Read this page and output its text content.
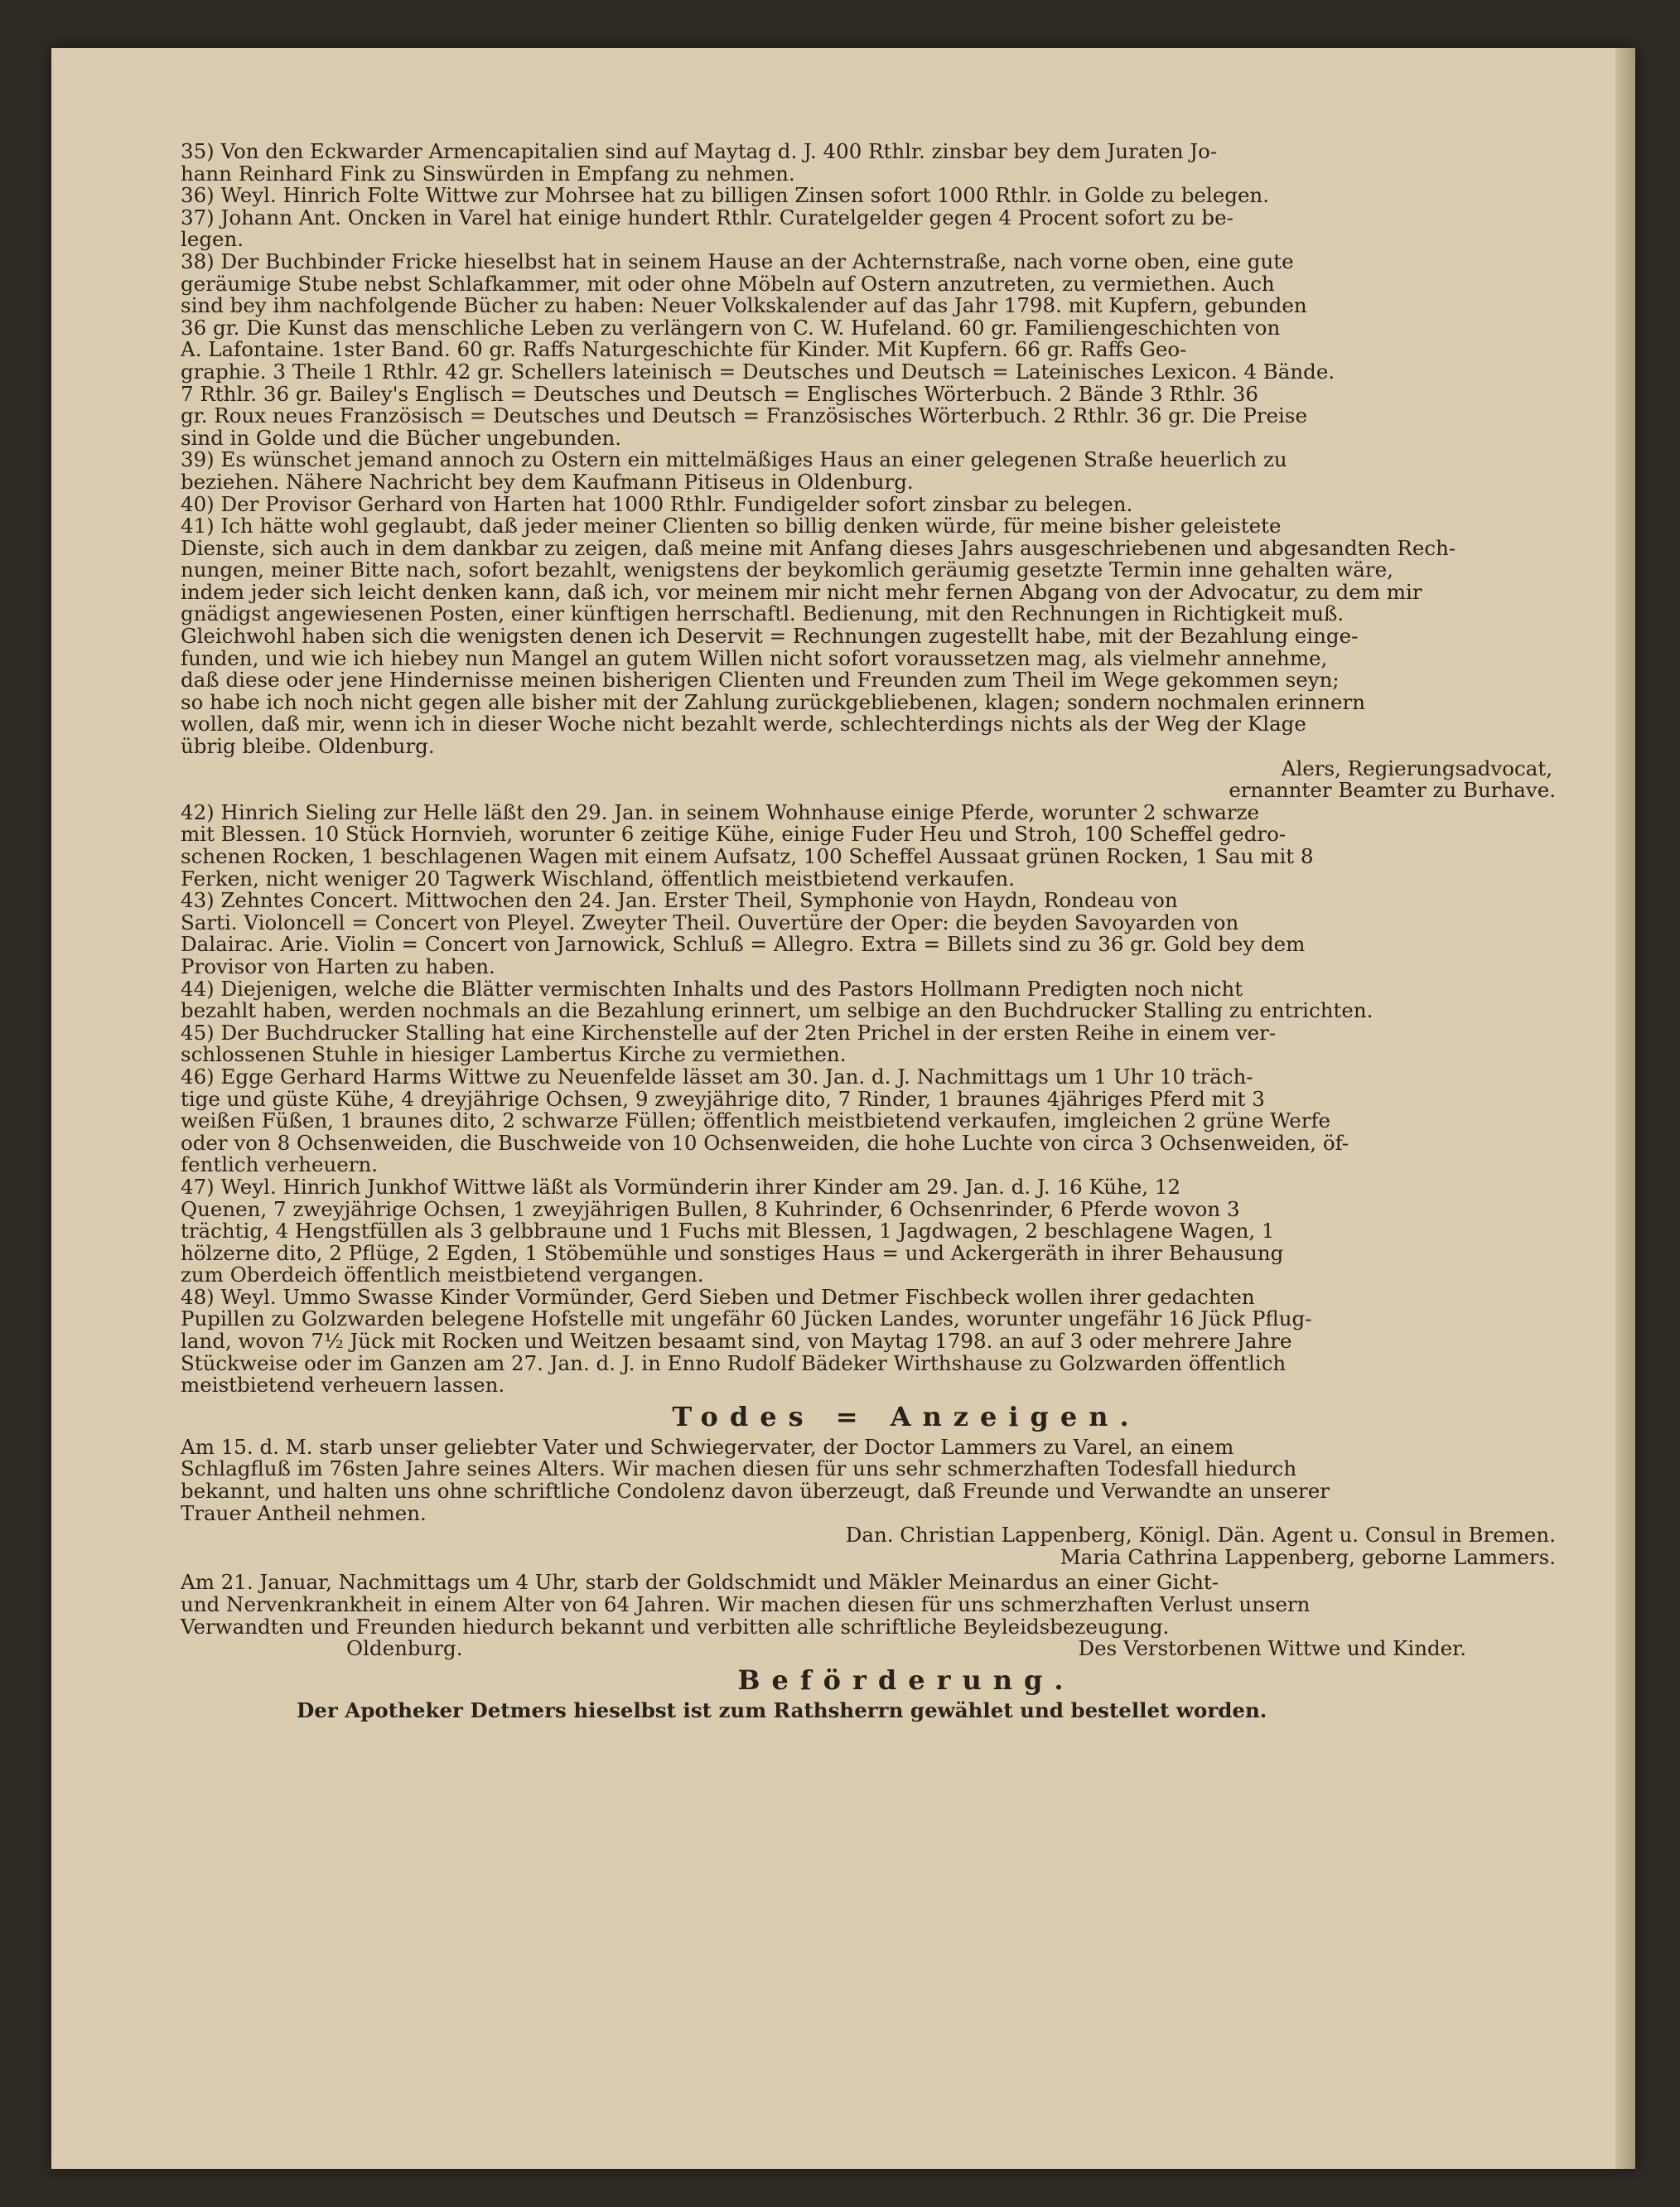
35) Von den Eckwarder Armencapitalien sind auf Maytag d. J. 400 Rthlr. zinsbar bey dem Juraten Jo-
hann Reinhard Fink zu Sinswürden in Empfang zu nehmen.
36) Weyl. Hinrich Folte Wittwe zur Mohrsee hat zu billigen Zinsen sofort 1000 Rthlr. in Golde zu belegen.
37) Johann Ant. Oncken in Varel hat einige hundert Rthlr. Curatelgelder gegen 4 Procent sofort zu be-
legen.
38) Der Buchbinder Fricke hieselbst hat in seinem Hause an der Achternstraße, nach vorne oben, eine gute
geräumige Stube nebst Schlafkammer, mit oder ohne Möbeln auf Ostern anzutreten, zu vermiethen. Auch
sind bey ihm nachfolgende Bücher zu haben: Neuer Volkskalender auf das Jahr 1798. mit Kupfern, gebunden
36 gr. Die Kunst das menschliche Leben zu verlängern von C. W. Hufeland. 60 gr. Familiengeschichten von
A. Lafontaine. 1ster Band. 60 gr. Raffs Naturgeschichte für Kinder. Mit Kupfern. 66 gr. Raffs Geo-
graphie. 3 Theile 1 Rthlr. 42 gr. Schellers lateinisch = Deutsches und Deutsch = Lateinisches Lexicon. 4 Bände.
7 Rthlr. 36 gr. Bailey's Englisch = Deutsches und Deutsch = Englisches Wörterbuch. 2 Bände 3 Rthlr. 36
gr. Roux neues Französisch = Deutsches und Deutsch = Französisches Wörterbuch. 2 Rthlr. 36 gr. Die Preise
sind in Golde und die Bücher ungebunden.
39) Es wünschet jemand annoch zu Ostern ein mittelmäßiges Haus an einer gelegenen Straße heuerlich zu
beziehen. Nähere Nachricht bey dem Kaufmann Pitiseus in Oldenburg.
40) Der Provisor Gerhard von Harten hat 1000 Rthlr. Fundigelder sofort zinsbar zu belegen.
41) Ich hätte wohl geglaubt, daß jeder meiner Clienten so billig denken würde, für meine bisher geleistete
Dienste, sich auch in dem dankbar zu zeigen, daß meine mit Anfang dieses Jahrs ausgeschriebenen und abgesandten Rech-
nungen, meiner Bitte nach, sofort bezahlt, wenigstens der beykomlich geräumig gesetzte Termin inne gehalten wäre,
indem jeder sich leicht denken kann, daß ich, vor meinem mir nicht mehr fernen Abgang von der Advocatur, zu dem mir
gnädigst angewiesenen Posten, einer künftigen herrschaftl. Bedienung, mit den Rechnungen in Richtigkeit muß.
Gleichwohl haben sich die wenigsten denen ich Deservit = Rechnungen zugestellt habe, mit der Bezahlung einge-
funden, und wie ich hiebey nun Mangel an gutem Willen nicht sofort voraussetzen mag, als vielmehr annehme,
daß diese oder jene Hindernisse meinen bisherigen Clienten und Freunden zum Theil im Wege gekommen seyn;
so habe ich noch nicht gegen alle bisher mit der Zahlung zurückgebliebenen, klagen; sondern nochmalen erinnern
wollen, daß mir, wenn ich in dieser Woche nicht bezahlt werde, schlechterdings nichts als der Weg der Klage
übrig bleibe. Oldenburg.
Alers, Regierungsadvocat,
ernannter Beamter zu Burhave.
42) Hinrich Sieling zur Helle läßt den 29. Jan. in seinem Wohnhause einige Pferde, worunter 2 schwarze
mit Blessen. 10 Stück Hornvieh, worunter 6 zeitige Kühe, einige Fuder Heu und Stroh, 100 Scheffel gedro-
schenen Rocken, 1 beschlagenen Wagen mit einem Aufsatz, 100 Scheffel Aussaat grünen Rocken, 1 Sau mit 8
Ferken, nicht weniger 20 Tagwerk Wischland, öffentlich meistbietend verkaufen.
43) Zehntes Concert. Mittwochen den 24. Jan. Erster Theil, Symphonie von Haydn, Rondeau von
Sarti. Violoncell = Concert von Pleyel. Zweyter Theil. Ouvertüre der Oper: die beyden Savoyarden von
Dalairac. Arie. Violin = Concert von Jarnowick, Schluß = Allegro. Extra = Billets sind zu 36 gr. Gold bey dem
Provisor von Harten zu haben.
44) Diejenigen, welche die Blätter vermischten Inhalts und des Pastors Hollmann Predigten noch nicht
bezahlt haben, werden nochmals an die Bezahlung erinnert, um selbige an den Buchdrucker Stalling zu entrichten.
45) Der Buchdrucker Stalling hat eine Kirchenstelle auf der 2ten Prichel in der ersten Reihe in einem ver-
schlossenen Stuhle in hiesiger Lambertus Kirche zu vermiethen.
46) Egge Gerhard Harms Wittwe zu Neuenfelde lässet am 30. Jan. d. J. Nachmittags um 1 Uhr 10 träch-
tige und güste Kühe, 4 dreyjährige Ochsen, 9 zweyjährige dito, 7 Rinder, 1 braunes 4jähriges Pferd mit 3
weißen Füßen, 1 braunes dito, 2 schwarze Füllen; öffentlich meistbietend verkaufen, imgleichen 2 grüne Werfe
oder von 8 Ochsenweiden, die Buschweide von 10 Ochsenweiden, die hohe Luchte von circa 3 Ochsenweiden, öf-
fentlich verheuern.
47) Weyl. Hinrich Junkhof Wittwe läßt als Vormünderin ihrer Kinder am 29. Jan. d. J. 16 Kühe, 12
Quenen, 7 zweyjährige Ochsen, 1 zweyjährigen Bullen, 8 Kuhrinder, 6 Ochsenrinder, 6 Pferde wovon 3
trächtig, 4 Hengstfüllen als 3 gelbbraune und 1 Fuchs mit Blessen, 1 Jagdwagen, 2 beschlagene Wagen, 1
hölzerne dito, 2 Pflüge, 2 Egden, 1 Stöbemühle und sonstiges Haus = und Ackergeräth in ihrer Behausung
zum Oberdeich öffentlich meistbietend vergangen.
48) Weyl. Ummo Swasse Kinder Vormünder, Gerd Sieben und Detmer Fischbeck wollen ihrer gedachten
Pupillen zu Golzwarden belegene Hofstelle mit ungefähr 60 Jücken Landes, worunter ungefähr 16 Jück Pflug-
land, wovon 7½ Jück mit Rocken und Weitzen besaamt sind, von Maytag 1798. an auf 3 oder mehrere Jahre
Stückweise oder im Ganzen am 27. Jan. d. J. in Enno Rudolf Bädeker Wirthshause zu Golzwarden öffentlich
meistbietend verheuern lassen.
Todes = Anzeigen.
Am 15. d. M. starb unser geliebter Vater und Schwiegervater, der Doctor Lammers zu Varel, an einem
Schlagfluß im 76sten Jahre seines Alters. Wir machen diesen für uns sehr schmerzhaften Todesfall hiedurch
bekannt, und halten uns ohne schriftliche Condolenz davon überzeugt, daß Freunde und Verwandte an unserer
Trauer Antheil nehmen.
Dan. Christian Lappenberg, Königl. Dän. Agent u. Consul in Bremen.
Maria Cathrina Lappenberg, geborne Lammers.
Am 21. Januar, Nachmittags um 4 Uhr, starb der Goldschmidt und Mäkler Meinardus an einer Gicht-
und Nervenkrankheit in einem Alter von 64 Jahren. Wir machen diesen für uns schmerzhaften Verlust unsern
Verwandten und Freunden hiedurch bekannt und verbitten alle schriftliche Beyleidsbezeugung.
Oldenburg.	Des Verstorbenen Wittwe und Kinder.
Beförderung.
Der Apotheker Detmers hieselbst ist zum Rathsherrn gewählet und bestellet worden.
